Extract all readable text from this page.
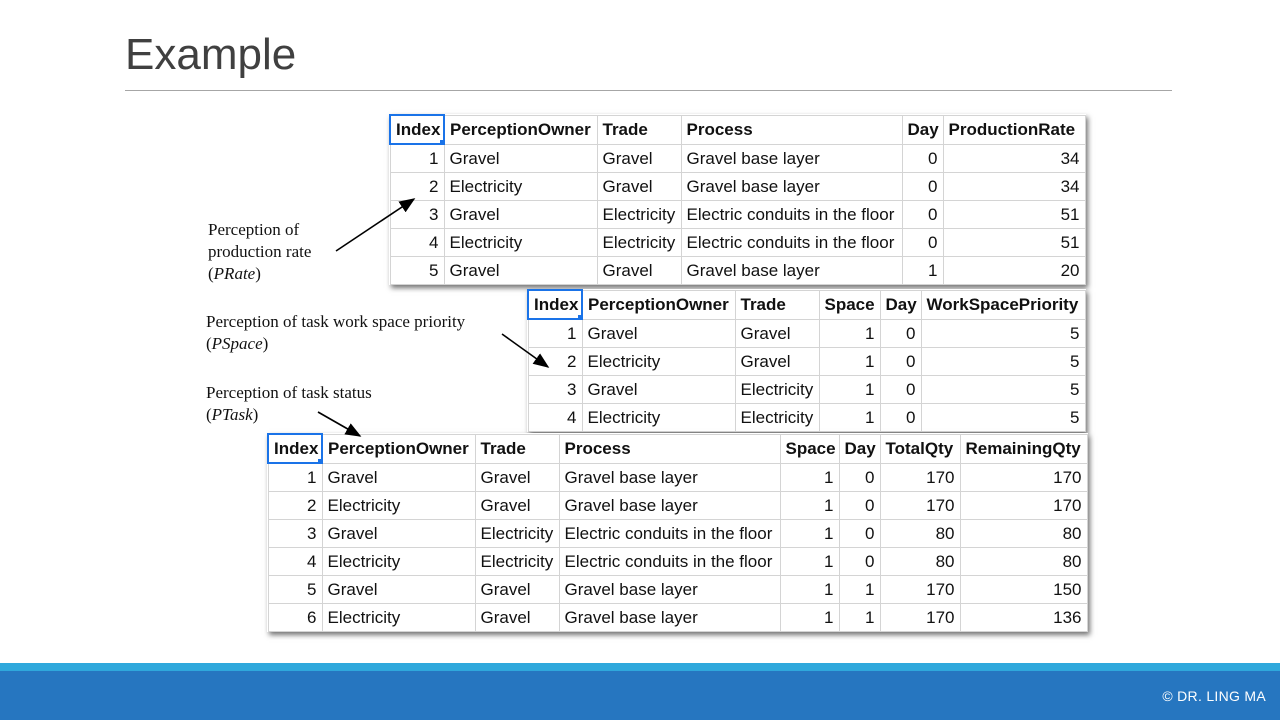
Example
Index	PerceptionOwner	Trade	Process	Day	ProductionRate
1	Gravel	Gravel	Gravel base layer	0	34
2	Electricity	Gravel	Gravel base layer	0	34
3	Gravel	Electricity	Electric conduits in the floor	0	51
4	Electricity	Electricity	Electric conduits in the floor	0	51
5	Gravel	Gravel	Gravel base layer	1	20
Index	PerceptionOwner	Trade	Space	Day	WorkSpacePriority
1	Gravel	Gravel	1	0	5
2	Electricity	Gravel	1	0	5
3	Gravel	Electricity	1	0	5
4	Electricity	Electricity	1	0	5
Index	PerceptionOwner	Trade	Process	Space	Day	TotalQty	RemainingQty
1	Gravel	Gravel	Gravel base layer	1	0	170	170
2	Electricity	Gravel	Gravel base layer	1	0	170	170
3	Gravel	Electricity	Electric conduits in the floor	1	0	80	80
4	Electricity	Electricity	Electric conduits in the floor	1	0	80	80
5	Gravel	Gravel	Gravel base layer	1	1	170	150
6	Electricity	Gravel	Gravel base layer	1	1	170	136
Perception of
production rate
(PRate)
Perception of task work space priority
(PSpace)
Perception of task status
(PTask)
© DR. LING MA
